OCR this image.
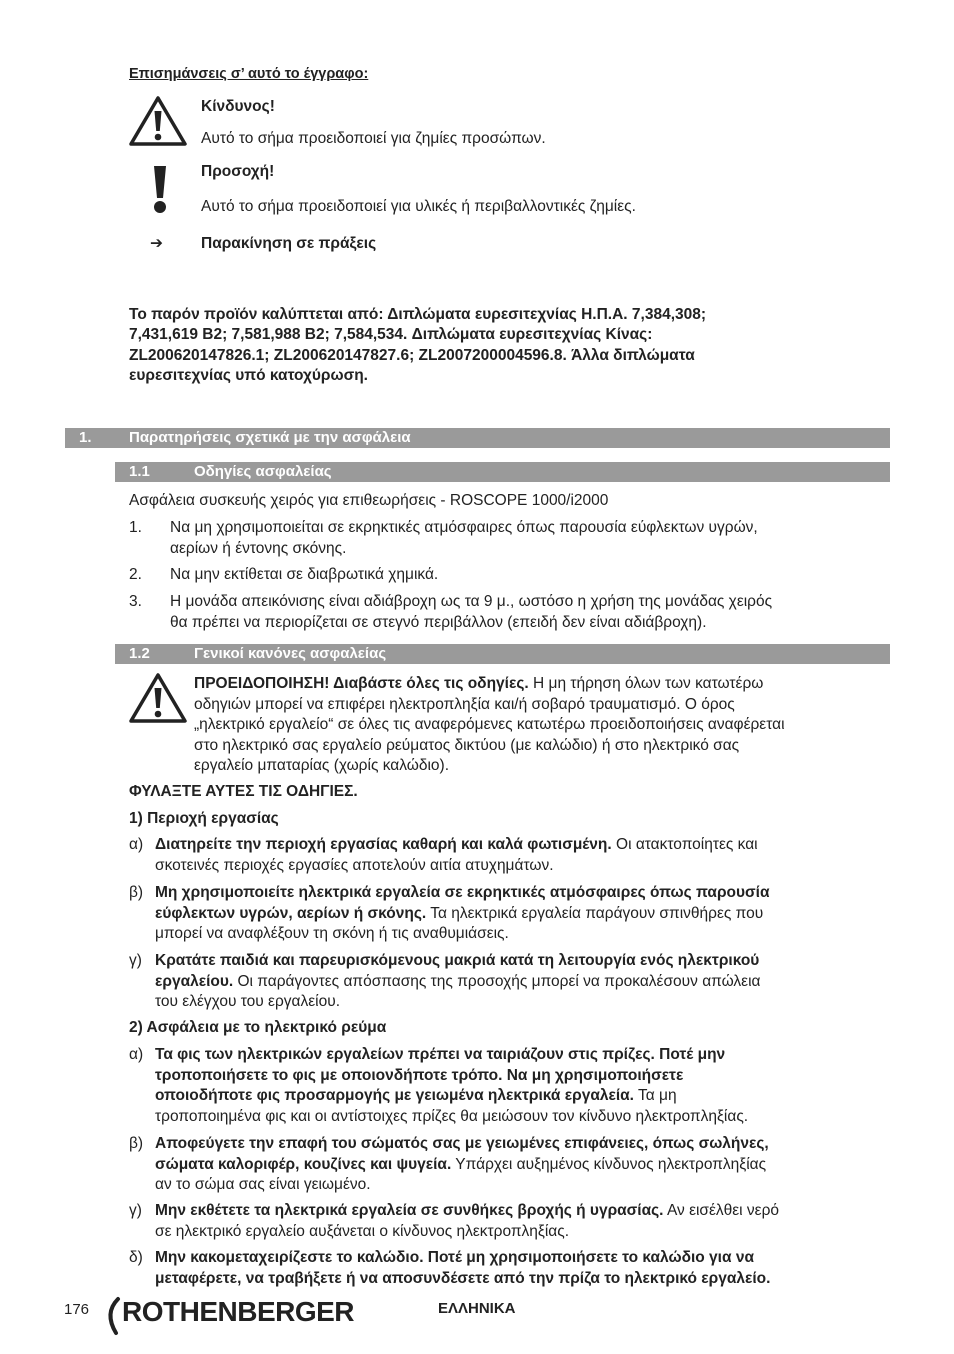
Επισημάνσεις σ’ αυτό το έγγραφο:
Κίνδυνος!
Αυτό το σήμα προειδοποιεί για ζημίες προσώπων.
Προσοχή!
Αυτό το σήμα προειδοποιεί για υλικές ή περιβαλλοντικές ζημίες.
➔ Παρακίνηση σε πράξεις
Το παρόν προϊόν καλύπτεται από: Διπλώματα ευρεσιτεχνίας Η.Π.Α. 7,384,308;
7,431,619 B2; 7,581,988 B2; 7,584,534. Διπλώματα ευρεσιτεχνίας Κίνας:
ZL200620147826.1; ZL200620147827.6; ZL2007200004596.8. Άλλα διπλώματα
ευρεσιτεχνίας υπό κατοχύρωση.
1. Παρατηρήσεις σχετικά με την ασφάλεια
1.1	Οδηγίες ασφαλείας
Ασφάλεια συσκευής χειρός για επιθεωρήσεις - ROSCOPE 1000/i2000
1. Να μη χρησιμοποιείται σε εκρηκτικές ατμόσφαιρες όπως παρουσία εύφλεκτων υγρών,
αερίων ή έντονης σκόνης.
2. Να μην εκτίθεται σε διαβρωτικά χημικά.
3. Η μονάδα απεικόνισης είναι αδιάβροχη ως τα 9 μ., ωστόσο η χρήση της μονάδας χειρός
θα πρέπει να περιορίζεται σε στεγνό περιβάλλον (επειδή δεν είναι αδιάβροχη).
1.2	Γενικοί κανόνες ασφαλείας
ΠΡΟΕΙΔΟΠΟΙΗΣΗ! Διαβάστε όλες τις οδηγίες. Η μη τήρηση όλων των κατωτέρω
οδηγιών μπορεί να επιφέρει ηλεκτροπληξία και/ή σοβαρό τραυματισμό. Ο όρος
„ηλεκτρικό εργαλείο“ σε όλες τις αναφερόμενες κατωτέρω προειδοποιήσεις αναφέρεται
στο ηλεκτρικό σας εργαλείο ρεύματος δικτύου (με καλώδιο) ή στο ηλεκτρικό σας
εργαλείο μπαταρίας (χωρίς καλώδιο).
ΦΥΛΑΞΤΕ ΑΥΤΕΣ ΤΙΣ ΟΔΗΓΙΕΣ.
1) Περιοχή εργασίας
α) Διατηρείτε την περιοχή εργασίας καθαρή και καλά φωτισμένη. Οι ατακτοποίητες και
σκοτεινές περιοχές εργασίες αποτελούν αιτία ατυχημάτων.
β) Μη χρησιμοποιείτε ηλεκτρικά εργαλεία σε εκρηκτικές ατμόσφαιρες όπως παρουσία
εύφλεκτων υγρών, αερίων ή σκόνης. Τα ηλεκτρικά εργαλεία παράγουν σπινθήρες που
μπορεί να αναφλέξουν τη σκόνη ή τις αναθυμιάσεις.
γ) Κρατάτε παιδιά και παρευρισκόμενους μακριά κατά τη λειτουργία ενός ηλεκτρικού
εργαλείου. Οι παράγοντες απόσπασης της προσοχής μπορεί να προκαλέσουν απώλεια
του ελέγχου του εργαλείου.
2) Ασφάλεια με το ηλεκτρικό ρεύμα
α) Τα φις των ηλεκτρικών εργαλείων πρέπει να ταιριάζουν στις πρίζες. Ποτέ μην
τροποποιήσετε το φις με οποιονδήποτε τρόπο. Να μη χρησιμοποιήσετε
οποιοδήποτε φις προσαρμογής με γειωμένα ηλεκτρικά εργαλεία. Τα μη
τροποποιημένα φις και οι αντίστοιχες πρίζες θα μειώσουν τον κίνδυνο ηλεκτροπληξίας.
β) Αποφεύγετε την επαφή του σώματός σας με γειωμένες επιφάνειες, όπως σωλήνες,
σώματα καλοριφέρ, κουζίνες και ψυγεία. Υπάρχει αυξημένος κίνδυνος ηλεκτροπληξίας
αν το σώμα σας είναι γειωμένο.
γ) Μην εκθέτετε τα ηλεκτρικά εργαλεία σε συνθήκες βροχής ή υγρασίας. Αν εισέλθει νερό
σε ηλεκτρικό εργαλείο αυξάνεται ο κίνδυνος ηλεκτροπληξίας.
δ) Μην κακομεταχειρίζεστε το καλώδιο. Ποτέ μη χρησιμοποιήσετε το καλώδιο για να
μεταφέρετε, να τραβήξετε ή να αποσυνδέσετε από την πρίζα το ηλεκτρικό εργαλείο.
176 ROTHENBERGER	ΕΛΛΗΝΙΚΑ
